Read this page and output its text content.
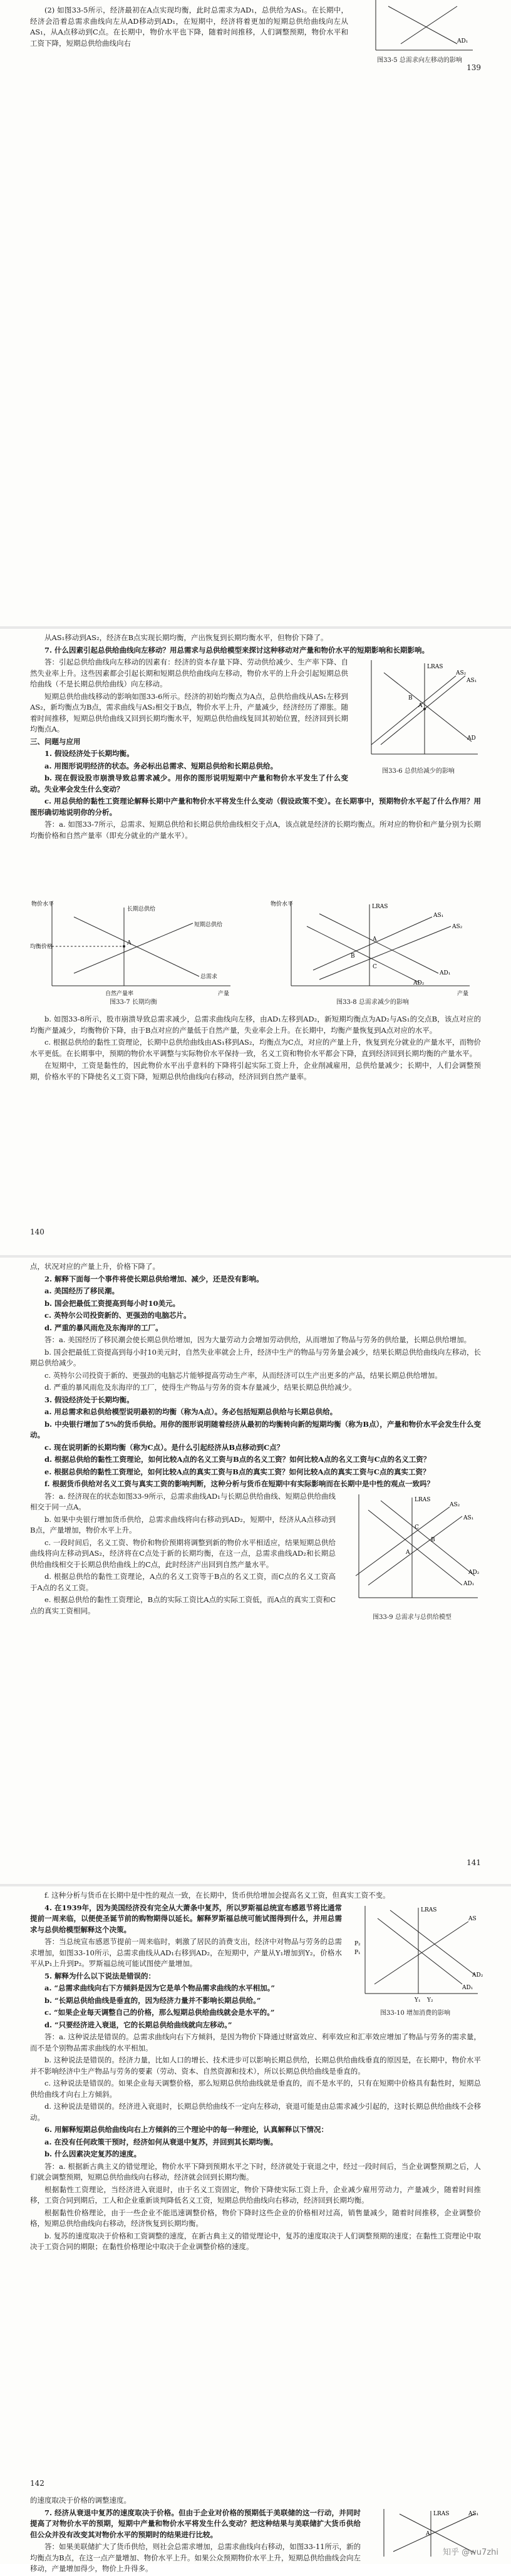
(2) 如图33-5所示，经济最初在A点实现均衡，此时总需求为AD₁，总供给为AS₁。在长期中，经济会沿着总需求曲线向左从AD移动到AD₁，在短期中，经济将着更加的短期总供给曲线向左从AS₁，从A点移动到C点。在长期中，物价水平也下降，随着时间推移，人们调整预期，物价水平和工资下降，短期总供给曲线向右	AD₁
图33-5 总需求向左移动的影响
139

从AS₁移动到AS₂，经济在B点实现长期均衡，产出恢复到长期均衡水平，但物价下降了。

7. 什么因素引起总供给曲线向左移动？用总需求与总供给模型来探讨这种移动对产量和物价水平的短期影响和长期影响。

LRAS
AS₂
AS₁
AD
A
B
图33-6 总供给减少的影响

答：引起总供给曲线向左移动的因素有：经济的资本存量下降、劳动供给减少、生产率下降、自然失业率上升。这些因素都会引起长期和短期总供给曲线向左移动，物价水平的上升会引起短期总供给曲线（不是长期总供给曲线）向左移动。

短期总供给曲线移动的影响如图33-6所示。经济的初始均衡点为A点，总供给曲线从AS₁左移到AS₂，新均衡点为B点，需求曲线与AS₂相交于B点，物价水平上升，产量减少，经济经历了滞胀。随着时间推移，短期总供给曲线又回到长期均衡水平，短期总供给曲线复回其初始位置，经济回到长期均衡点A。

三、问题与应用

1. 假设经济处于长期均衡。

a. 用图形说明经济的状态。务必标出总需求、短期总供给和长期总供给。

b. 现在假设股市崩溃导致总需求减少。用你的图形说明短期中产量和物价水平发生了什么变动。失业率会发生什么变动？

c. 用总供给的黏性工资理论解释长期中产量和物价水平将发生什么变动（假设政策不变）。在长期事中，预期物价水平起了什么作用？用图形确切地说明你的分析。

答：a. 如图33-7所示，总需求、短期总供给和长期总供给曲线相交于点A，该点就是经济的长期均衡点。所对应的物价和产量分别为长期均衡价格和自然产量率（即充分就业的产量水平）。

物价水平
产量
长期总供给
短期总供给
总需求
均衡价格
自然产量率
A
图33-7 长期均衡
LRAS
AS₁
AS₂
AD₁
AD₂
物价水平
产量
A
B
C
图33-8 总需求减少的影响

b. 如图33-8所示，股市崩溃导致总需求减少，总需求曲线向左移，由AD₁左移到AD₂，新短期均衡点为AD₂与AS₁的交点B，该点对应的均衡产量减少，均衡物价下降，由于B点对应的产量低于自然产量，失业率会上升。在长期中，均衡产量恢复到A点对应的水平。

c. 根据总供给的黏性工资理论，长期中总供给曲线由AS₁移到AS₂，均衡点为C点，对应的产量上升，恢复到充分就业的产量水平，而物价水平更低。在长期事中，预期的物价水平调整与实际物价水平保持一致，名义工资和物价水平都会下降，直到经济回到长期均衡的产量水平。

在短期中，工资是黏性的，因此物价水平出乎意料的下降将引起实际工资上升，企业削减雇用，总供给量减少；长期中，人们会调整预期，价格水平的下降使名义工资下降，短期总供给曲线向右移动，经济回到自然产量率。

140

点，状况对应的产量上升，价格下降了。

2. 解释下面每一个事件将使长期总供给增加、减少，还是没有影响。

a. 美国经历了移民潮。

b. 国会把最低工资提高到每小时10美元。

c. 英特尔公司投资新的、更强劲的电脑芯片。

d. 严重的暴风雨危及东海岸的工厂。

答：a. 美国经历了移民潮会使长期总供给增加，因为大量劳动力会增加劳动供给，从而增加了物品与劳务的供给量，长期总供给增加。

b. 国会把最低工资提高到每小时10美元时，自然失业率就会上升，经济中生产的物品与劳务量会减少，结果长期总供给曲线向左移动，长期总供给减少。

c. 英特尔公司投资于新的、更强劲的电脑芯片能够提高劳动生产率，从而经济可以生产出更多的产品，结果长期总供给增加。

d. 严重的暴风雨危及东海岸的工厂，使得生产物品与劳务的资本存量减少，结果长期总供给减少。

3. 假设经济处于长期均衡。

a. 用总需求和总供给模型说明最初的均衡（称为A点）。务必包括短期总供给与长期总供给。

b. 中央银行增加了5%的货币供给。用你的图形说明随着经济从最初的均衡转向新的短期均衡（称为B点），产量和物价水平会发生什么变动。

c. 现在说明新的长期均衡（称为C点）。是什么引起经济从B点移动到C点？

d. 根据总供给的黏性工资理论，如何比较A点的名义工资与B点的名义工资？如何比较A点的名义工资与C点的名义工资？

e. 根据总供给的黏性工资理论，如何比较A点的真实工资与B点的真实工资？如何比较A点的真实工资与C点的真实工资？

f. 根据货币供给对名义工资与真实工资的影响判断，这种分析与货币在短期中有实际影响而在长期中是中性的观点一致吗？

LRAS
AS₂
AS₁
AD₁
AD₂
A
B
C
图33-9 总需求与总供给模型

答：a. 经济现在的状态如图33-9所示，总需求曲线AD₁与长期总供给曲线、短期总供给曲线相交于同一点A。

b. 如果中央银行增加货币供给，总需求曲线将向右移动到AD₂，短期中，经济从A点移动到B点，产量增加，物价水平上升。

c. 一段时间后，名义工资、物价和物价预期将调整到新的物价水平相适应，结果短期总供给曲线将向左移动到AS₂，经济将在C点处于新的长期均衡，在这一点，总需求曲线AD₂和长期总供给曲线相交于长期总供给曲线上的C点，此时经济产出回到自然产量水平。

d. 根据总供给的黏性工资理论，A点的名义工资等于B点的名义工资，而C点的名义工资高于A点的名义工资。

e. 根据总供给的黏性工资理论，B点的实际工资比A点的实际工资低，而A点的真实工资和C点的真实工资相同。

141

f. 这种分析与货币在长期中是中性的观点一致，在长期中，货币供给增加会提高名义工资，但真实工资不变。

LRAS
AS
AD₁
AD₂
Y₁ Y₂
P₁
P₂
图33-10 增加消费的影响

4. 在1939年，因为美国经济没有完全从大萧条中复苏，所以罗斯福总统宣布感恩节将比通常提前一周来临，以便使圣诞节前的购物期得以延长。解释罗斯福总统可能试图得到什么，并用总需求与总供给模型解释这个决策。

答：当总统宣布感恩节提前一周来临时，刺激了居民的消费支出，经济中对物品与劳务的总需求增加，如图33-10所示，总需求曲线从AD₁右移到AD₂，在短期中，产量从Y₁增加到Y₂，价格水平从P₁上升到P₂。罗斯福总统可能试图使产量增加。

5. 解释为什么以下说法是错误的：

a. “总需求曲线向右下方倾斜是因为它是单个物品需求曲线的水平相加。”

b. “长期总供给曲线是垂直的，因为经济力量并不影响长期总供给。”

c. “如果企业每天调整自己的价格，那么短期总供给曲线就会是水平的。”

d. “只要经济进入衰退，它的长期总供给曲线就向左移动。”

答：a. 这种说法是错误的。总需求曲线向右下方倾斜，是因为物价下降通过财富效应、利率效应和汇率效应增加了物品与劳务的需求量，而不是个别物品需求曲线的水平相加。

b. 这种说法是错误的。经济力量，比如人口的增长、技术进步可以影响长期总供给，长期总供给曲线垂直的原因是，在长期中，物价水平并不影响经济中生产物品与劳务的要素（劳动、资本、自然资源和技术），所以长期总供给曲线是垂直的。

c. 这种说法是错误的。如果企业每天调整价格，那么短期总供给曲线就是垂直的，而不是水平的，只有在短期中价格具有黏性时，短期总供给曲线才向右上方倾斜。

d. 这种说法是错误的。经济进入衰退时，长期总供给曲线不一定向左移动，衰退可能是由总需求减少引起的，这时长期总供给曲线不会移动。

6. 用解释短期总供给曲线向右上方倾斜的三个理论中的每一种理论，认真解释以下情况：

a. 在没有任何政策干预时，经济如何从衰退中复苏，并回到其长期均衡。

b. 什么因素决定复苏的速度。

答：a. 根据新古典主义的错觉理论，物价水平下降到预期水平之下时，经济就处于衰退之中，经过一段时间后，当企业调整预期之后，人们就会调整预期，短期总供给曲线向右移动，经济就会回到长期均衡。

根据黏性工资理论，当经济进入衰退时，由于名义工资固定，物价下降使实际工资上升，企业减少雇用劳动力，产量减少，随着时间推移，工资合同到期后，工人和企业重新谈判降低名义工资，短期总供给曲线向右移动，经济回到长期均衡。

根据黏性价格理论，由于一些企业不能迅速调整价格，物价下降时这些企业的价格相对过高，销售量减少，随着时间推移，企业调整价格，短期总供给曲线向右移动，经济恢复到长期均衡。

b. 复苏的速度取决于价格和工资调整的速度，在新古典主义的错觉理论中，复苏的速度取决于人们调整预期的速度；在黏性工资理论中取决于工资合同的期限；在黏性价格理论中取决于企业调整价格的速度。

142

的速度取决于价格的调整速度。

LRAS
A
AS₁

7. 经济从衰退中复苏的速度取决于价格。但由于企业对价格的预期低于美联储的这一行动，并同时提高了对物价水平的预期，短期中产量和物价水平将发生什么变动？把这种结果与美联储扩大货币供给但公众并没有改变其对物价水平的预期时的结果进行比较。

答：如果美联储扩大了货币供给，则社会总需求增加，总需求曲线向右移动，如图33-11所示，新的均衡点为B点，在这一点产量增加、物价水平上升。如果公众预期物价水平上升，短期总供给曲线会向左移动，产量增加得少，物价上升得多。

知乎 @wu7zhi
